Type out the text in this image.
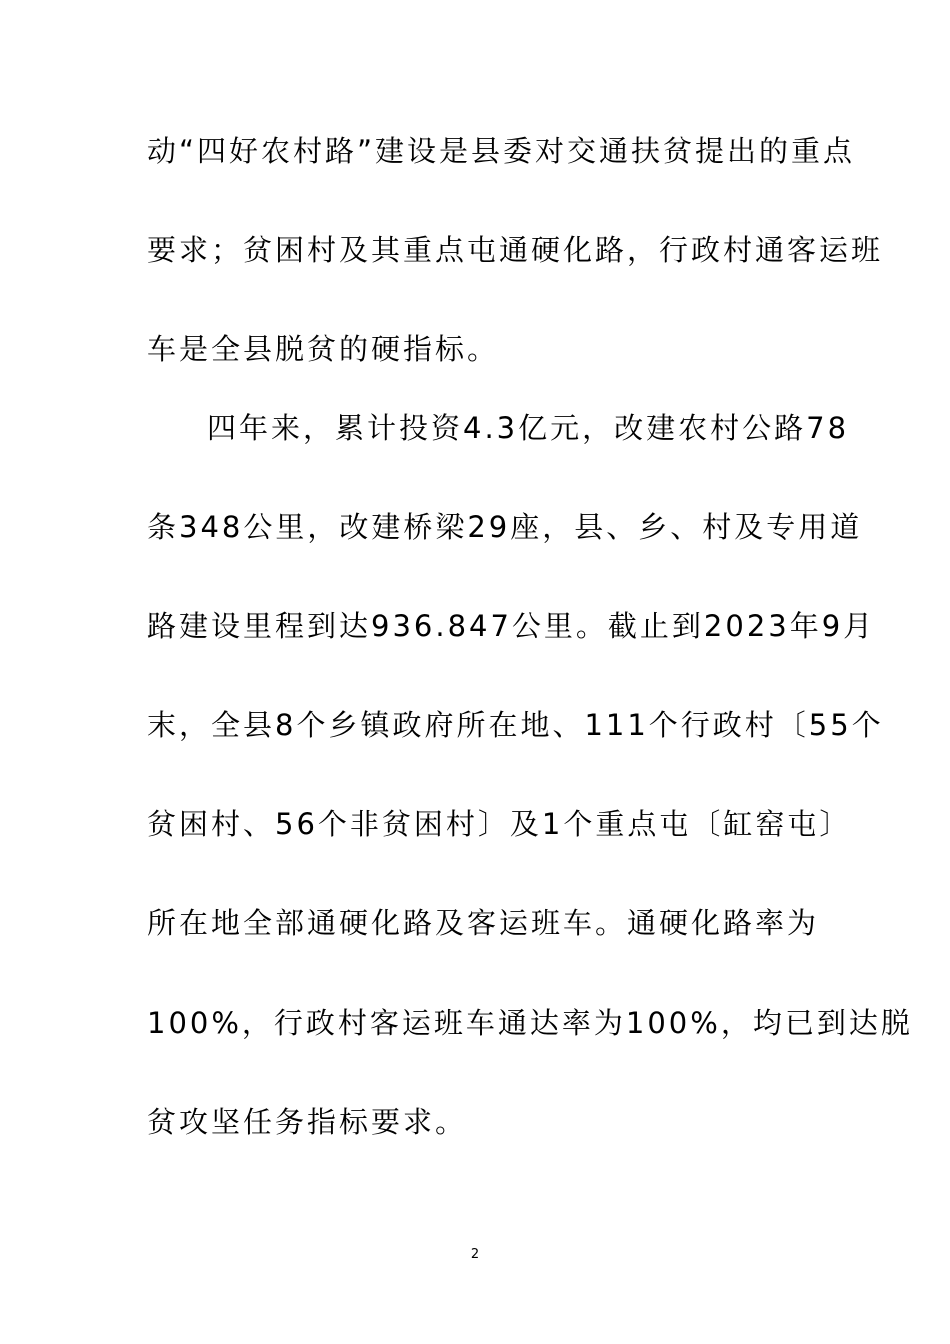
动“四好农村路”建设是县委对交通扶贫提出的重点
要求；贫困村及其重点屯通硬化路，行政村通客运班
车是全县脱贫的硬指标。
四年来，累计投资4.3亿元，改建农村公路78
条348公里，改建桥梁29座，县、乡、村及专用道
路建设里程到达936.847公里。截止到2023年9月
末，全县8个乡镇政府所在地、111个行政村〔55个
贫困村、56个非贫困村〕及1个重点屯〔缸窑屯〕
所在地全部通硬化路及客运班车。通硬化路率为
100%，行政村客运班车通达率为100%，均已到达脱
贫攻坚任务指标要求。
2
